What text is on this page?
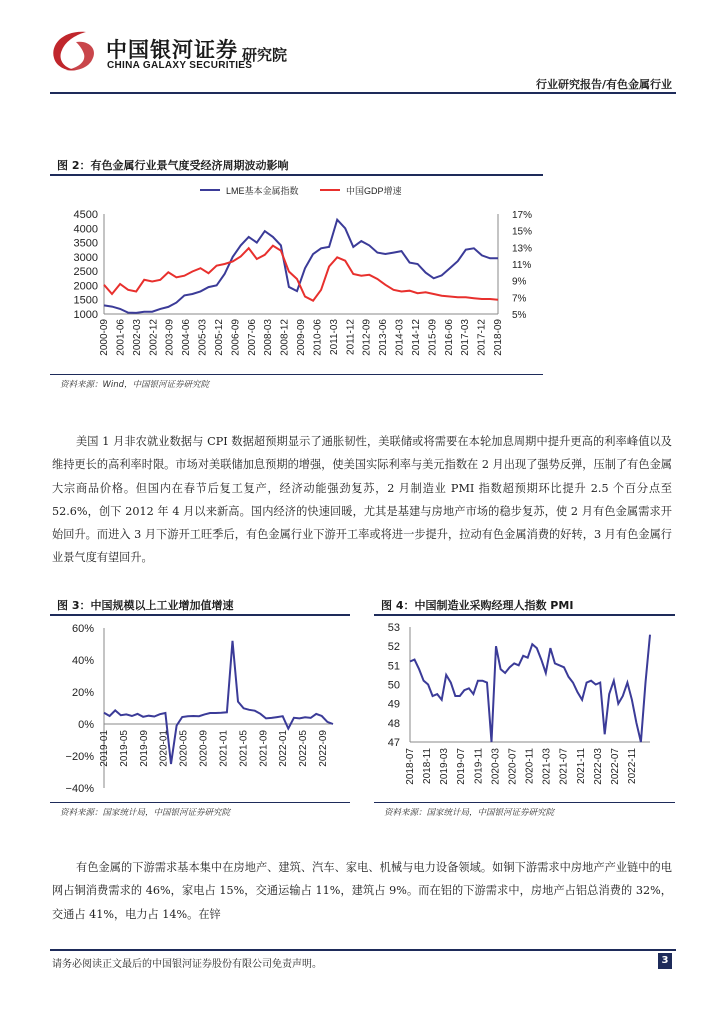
中国银河证券
CHINA GALAXY SECURITIES
研究院
行业研究报告/有色金属行业
图 2：有色金属行业景气度受经济周期波动影响
LME基本金属指数	中国GDP增速
1000
1500
2000
2500
3000
3500
4000
4500
5%
7%
9%
11%
13%
15%
17%
2000-09 2001-06 2002-03 2002-12 2003-09 2004-06 2005-03 2005-12 2006-09 2007-06 2008-03 2008-12 2009-09 2010-06 2011-03 2011-12 2012-09 2013-06 2014-03 2014-12 2015-09 2016-06 2017-03 2017-12 2018-09
资料来源：Wind，中国银河证券研究院
美国 1 月非农就业数据与 CPI 数据超预期显示了通胀韧性，美联储或将需要在本轮加息周期中提升更高的利率峰值以及维持更长的高利率时限。市场对美联储加息预期的增强，使美国实际利率与美元指数在 2 月出现了强势反弹，压制了有色金属大宗商品价格。但国内在春节后复工复产，经济动能强劲复苏，2 月制造业 PMI 指数超预期环比提升 2.5 个百分点至 52.6%，创下 2012 年 4 月以来新高。国内经济的快速回暖，尤其是基建与房地产市场的稳步复苏，使 2 月有色金属需求开始回升。而进入 3 月下游开工旺季后，有色金属行业下游开工率或将进一步提升，拉动有色金属消费的好转，3 月有色金属行业景气度有望回升。
图 3：中国规模以上工业增加值增速
−40%
−20%
0%
20%
40%
60%
2019-01 2019-05 2019-09 2020-01 2020-05 2020-09 2021-01 2021-05 2021-09 2022-01 2022-05 2022-09
资料来源：国家统计局，中国银河证券研究院
图 4：中国制造业采购经理人指数 PMI
47
48
49
50
51
52
53
2018-07 2018-11 2019-03 2019-07 2019-11 2020-03 2020-07 2020-11 2021-03 2021-07 2021-11 2022-03 2022-07 2022-11
资料来源：国家统计局，中国银河证券研究院
有色金属的下游需求基本集中在房地产、建筑、汽车、家电、机械与电力设备领域。如铜下游需求中房地产产业链中的电网占铜消费需求的 46%，家电占 15%，交通运输占 11%，建筑占 9%。而在铝的下游需求中，房地产占铝总消费的 32%，交通占 41%，电力占 14%。在锌
请务必阅读正文最后的中国银河证券股份有限公司免责声明。	3
